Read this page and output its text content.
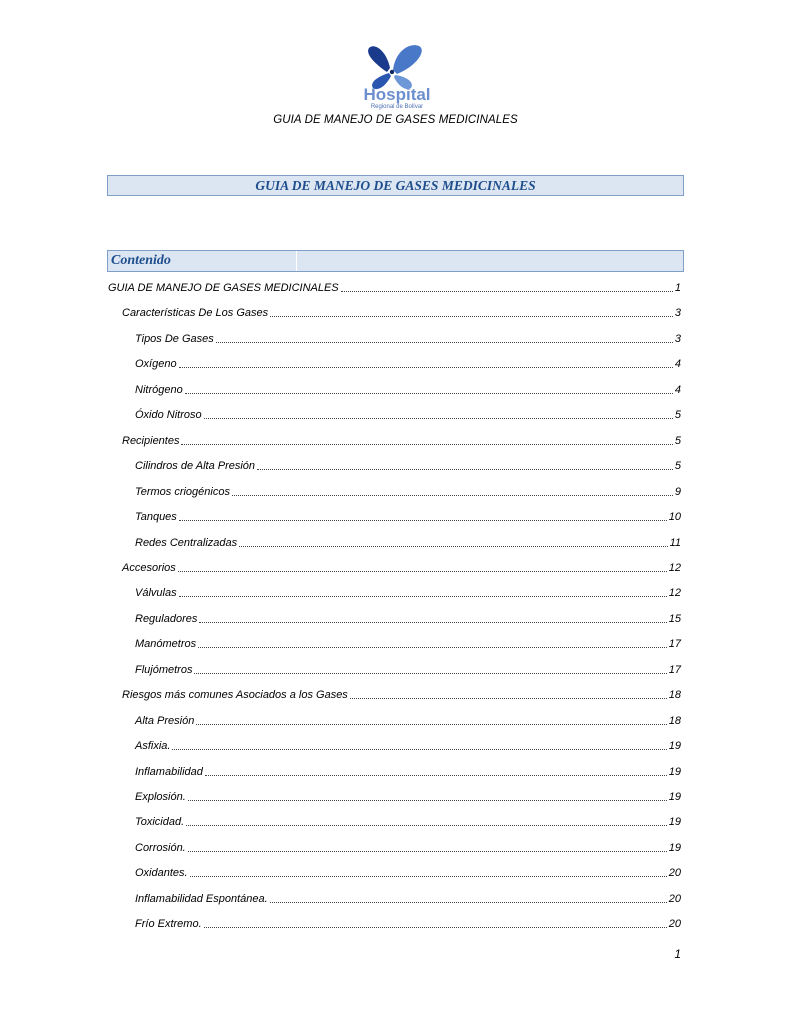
Hospital
Regional de Bolívar
GUIA DE MANEJO DE GASES MEDICINALES
GUIA DE MANEJO DE GASES MEDICINALES
Contenido
GUIA DE MANEJO DE GASES MEDICINALES	1
Características De Los Gases	3
Tipos De Gases	3
Oxígeno	4
Nitrógeno	4
Óxido Nitroso	5
Recipientes	5
Cilindros de Alta Presión	5
Termos criogénicos	9
Tanques	10
Redes Centralizadas	11
Accesorios	12
Válvulas	12
Reguladores	15
Manómetros	17
Flujómetros	17
Riesgos más comunes Asociados a los Gases	18
Alta Presión	18
Asfixia.	19
Inflamabilidad	19
Explosión.	19
Toxicidad.	19
Corrosión.	19
Oxidantes.	20
Inflamabilidad Espontánea.	20
Frío Extremo.	20
1
